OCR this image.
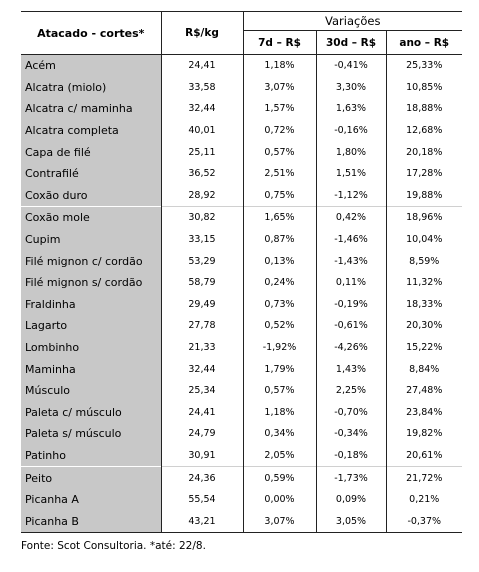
Atacado - cortes*	R$/kg	Variações		
		7d – R$	30d – R$	ano – R$
Acém	24,41	1,18%	-0,41%	25,33%
Alcatra (miolo)	33,58	3,07%	3,30%	10,85%
Alcatra c/ maminha	32,44	1,57%	1,63%	18,88%
Alcatra completa	40,01	0,72%	-0,16%	12,68%
Capa de filé	25,11	0,57%	1,80%	20,18%
Contrafilé	36,52	2,51%	1,51%	17,28%
Coxão duro	28,92	0,75%	-1,12%	19,88%
Coxão mole	30,82	1,65%	0,42%	18,96%
Cupim	33,15	0,87%	-1,46%	10,04%
Filé mignon c/ cordão	53,29	0,13%	-1,43%	8,59%
Filé mignon s/ cordão	58,79	0,24%	0,11%	11,32%
Fraldinha	29,49	0,73%	-0,19%	18,33%
Lagarto	27,78	0,52%	-0,61%	20,30%
Lombinho	21,33	-1,92%	-4,26%	15,22%
Maminha	32,44	1,79%	1,43%	8,84%
Músculo	25,34	0,57%	2,25%	27,48%
Paleta c/ músculo	24,41	1,18%	-0,70%	23,84%
Paleta s/ músculo	24,79	0,34%	-0,34%	19,82%
Patinho	30,91	2,05%	-0,18%	20,61%
Peito	24,36	0,59%	-1,73%	21,72%
Picanha A	55,54	0,00%	0,09%	0,21%
Picanha B	43,21	3,07%	3,05%	-0,37%
Fonte: Scot Consultoria. *até: 22/8.
